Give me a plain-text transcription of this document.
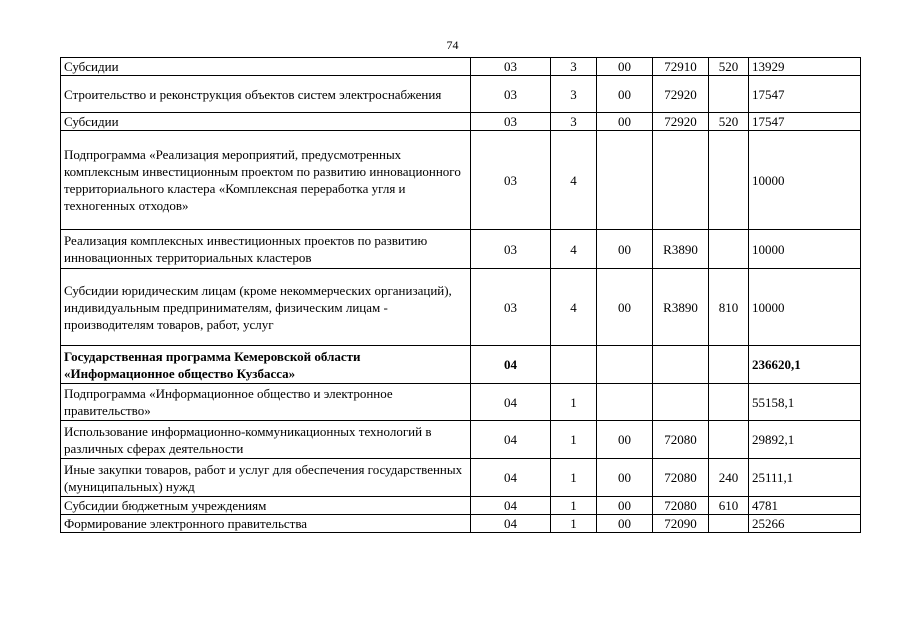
74
Субсидии	03	3	00	72910	520	13929
Строительство и реконструкция объектов систем электроснабжения	03	3	00	72920		17547
Субсидии	03	3	00	72920	520	17547
Подпрограмма «Реализация мероприятий, предусмотренных комплексным инвестиционным проектом по развитию инновационного территориального кластера «Комплексная переработка угля и техногенных отходов»	03	4				10000
Реализация комплексных инвестиционных проектов по развитию инновационных территориальных кластеров	03	4	00	R3890		10000
Субсидии юридическим лицам (кроме некоммерческих организаций), индивидуальным предпринимателям, физическим лицам - производителям товаров, работ, услуг	03	4	00	R3890	810	10000
Государственная программа Кемеровской области «Информационное общество Кузбасса»	04					236620,1
Подпрограмма «Информационное общество и электронное правительство»	04	1				55158,1
Использование информационно-коммуникационных технологий в различных сферах деятельности	04	1	00	72080		29892,1
Иные закупки товаров, работ и услуг для обеспечения государственных (муниципальных) нужд	04	1	00	72080	240	25111,1
Субсидии бюджетным учреждениям	04	1	00	72080	610	4781
Формирование электронного правительства	04	1	00	72090		25266
